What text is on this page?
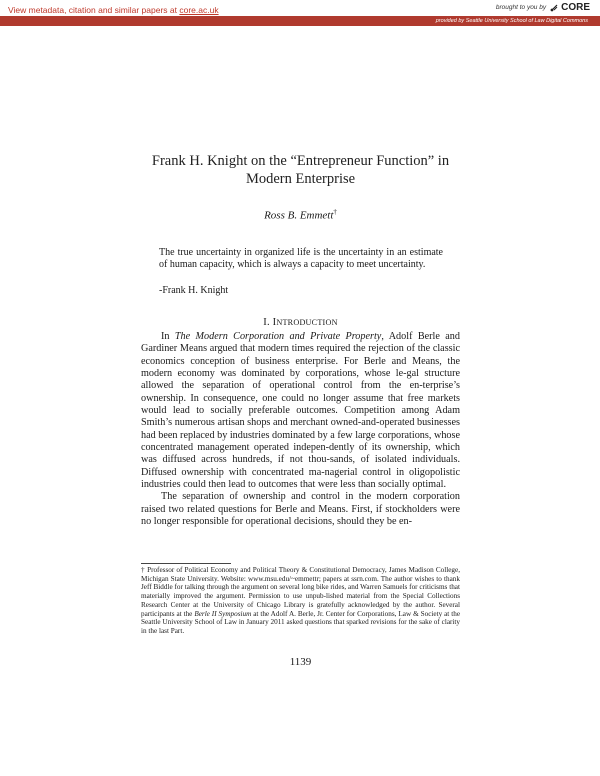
View metadata, citation and similar papers at core.ac.uk	brought to you by CORE
provided by Seattle University School of Law Digital Commons
Frank H. Knight on the “Entrepreneur Function” in
Modern Enterprise
Ross B. Emmett†
The true uncertainty in organized life is the uncertainty in an estimate of human capacity, which is always a capacity to meet uncertainty.
-Frank H. Knight
I. INTRODUCTION

In The Modern Corporation and Private Property, Adolf Berle and Gardiner Means argued that modern times required the rejection of the classic economics conception of business enterprise. For Berle and Means, the modern economy was dominated by corporations, whose le-gal structure allowed the separation of operational control from the en-terprise’s ownership. In consequence, one could no longer assume that free markets would lead to socially preferable outcomes. Competition among Adam Smith’s numerous artisan shops and merchant owned-and-operated businesses had been replaced by industries dominated by a few large corporations, whose concentrated management operated indepen-dently of its ownership, which was diffused across hundreds, if not thou-sands, of isolated individuals. Diffused ownership with concentrated ma-nagerial control in oligopolistic industries could then lead to outcomes that were less than socially optimal.

The separation of ownership and control in the modern corporation raised two related questions for Berle and Means. First, if stockholders were no longer responsible for operational decisions, should they be en-

† Professor of Political Economy and Political Theory & Constitutional Democracy, James Madison College, Michigan State University. Website: www.msu.edu/~emmettr; papers at ssrn.com. The author wishes to thank Jeff Biddle for talking through the argument on several long bike rides, and Warren Samuels for criticisms that materially improved the argument. Permission to use unpub-lished material from the Special Collections Research Center at the University of Chicago Library is gratefully acknowledged by the author. Several participants at the Berle II Symposium at the Adolf A. Berle, Jr. Center for Corporations, Law & Society at the Seattle University School of Law in January 2011 asked questions that sparked revisions for the sake of clarity in the last Part.
1139
